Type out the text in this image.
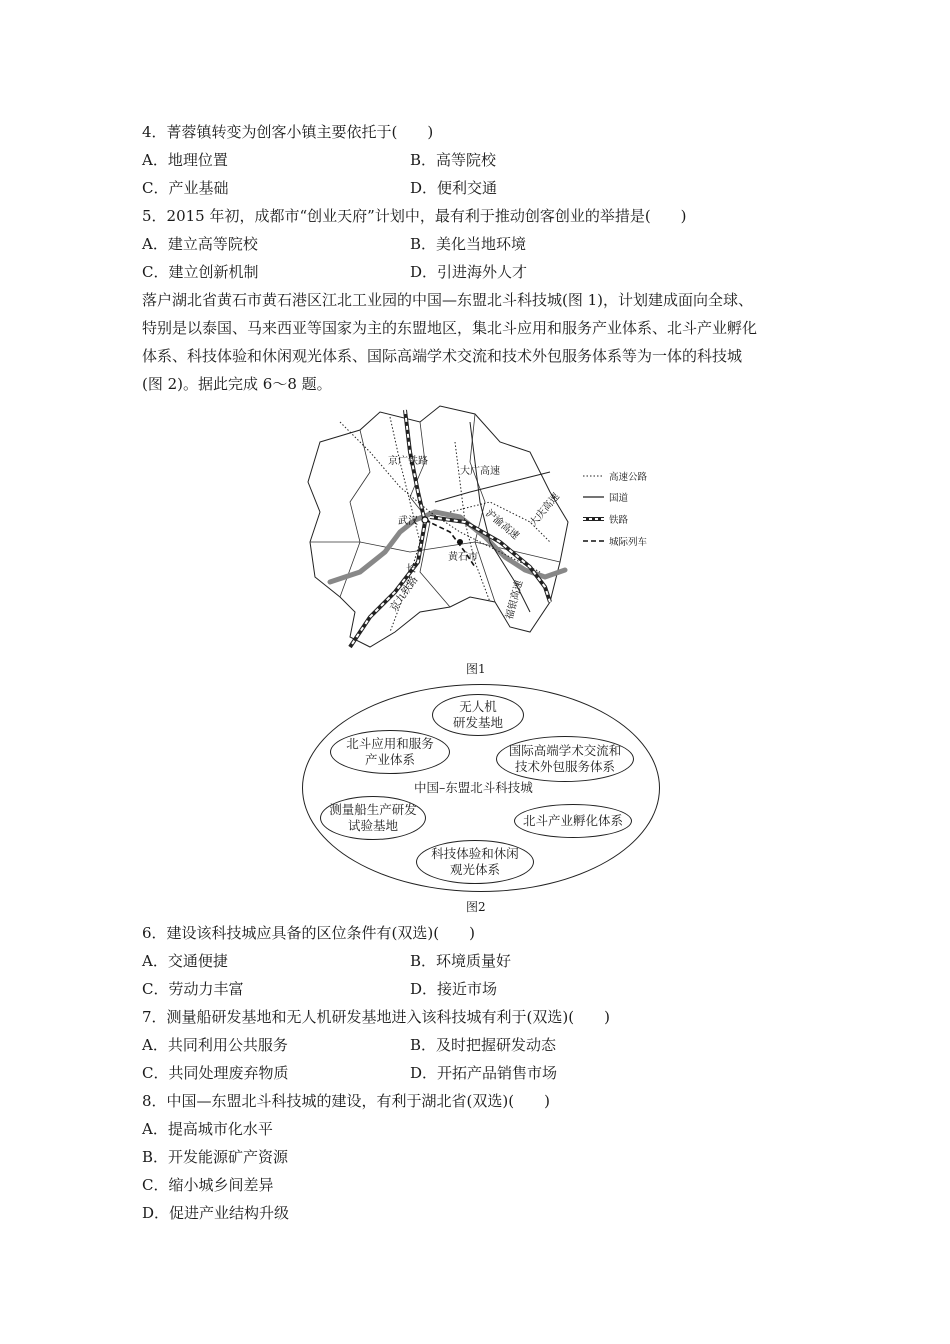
4．菁蓉镇转变为创客小镇主要依托于(　　)
A．地理位置	B．高等院校
C．产业基础	D．便利交通
5．2015 年初，成都市“创业天府”计划中，最有利于推动创客创业的举措是(　　)
A．建立高等院校	B．美化当地环境
C．建立创新机制	D．引进海外人才
落户湖北省黄石市黄石港区江北工业园的中国—东盟北斗科技城(图 1)，计划建成面向全球、
特别是以泰国、马来西亚等国家为主的东盟地区，集北斗应用和服务产业体系、北斗产业孵化
体系、科技体验和休闲观光体系、国际高端学术交流和技术外包服务体系等为一体的科技城
(图 2)。据此完成 6～8 题。
京广铁路
大广高速
武汉
黄石市
长
京九铁路
沪渝高速 大庆高速
福银高速
高速公路
国道
铁路
城际列车
图1
无人机
研发基地
北斗应用和服务
产业体系
国际高端学术交流和
技术外包服务体系
中国–东盟北斗科技城
测量船生产研发
试验基地	北斗产业孵化体系
科技体验和休闲
观光体系
图2
6．建设该科技城应具备的区位条件有(双选)(　　)
A．交通便捷	B．环境质量好
C．劳动力丰富	D．接近市场
7．测量船研发基地和无人机研发基地进入该科技城有利于(双选)(　　)
A．共同利用公共服务	B．及时把握研发动态
C．共同处理废弃物质	D．开拓产品销售市场
8．中国—东盟北斗科技城的建设，有利于湖北省(双选)(　　)
A．提高城市化水平
B．开发能源矿产资源
C．缩小城乡间差异
D．促进产业结构升级
